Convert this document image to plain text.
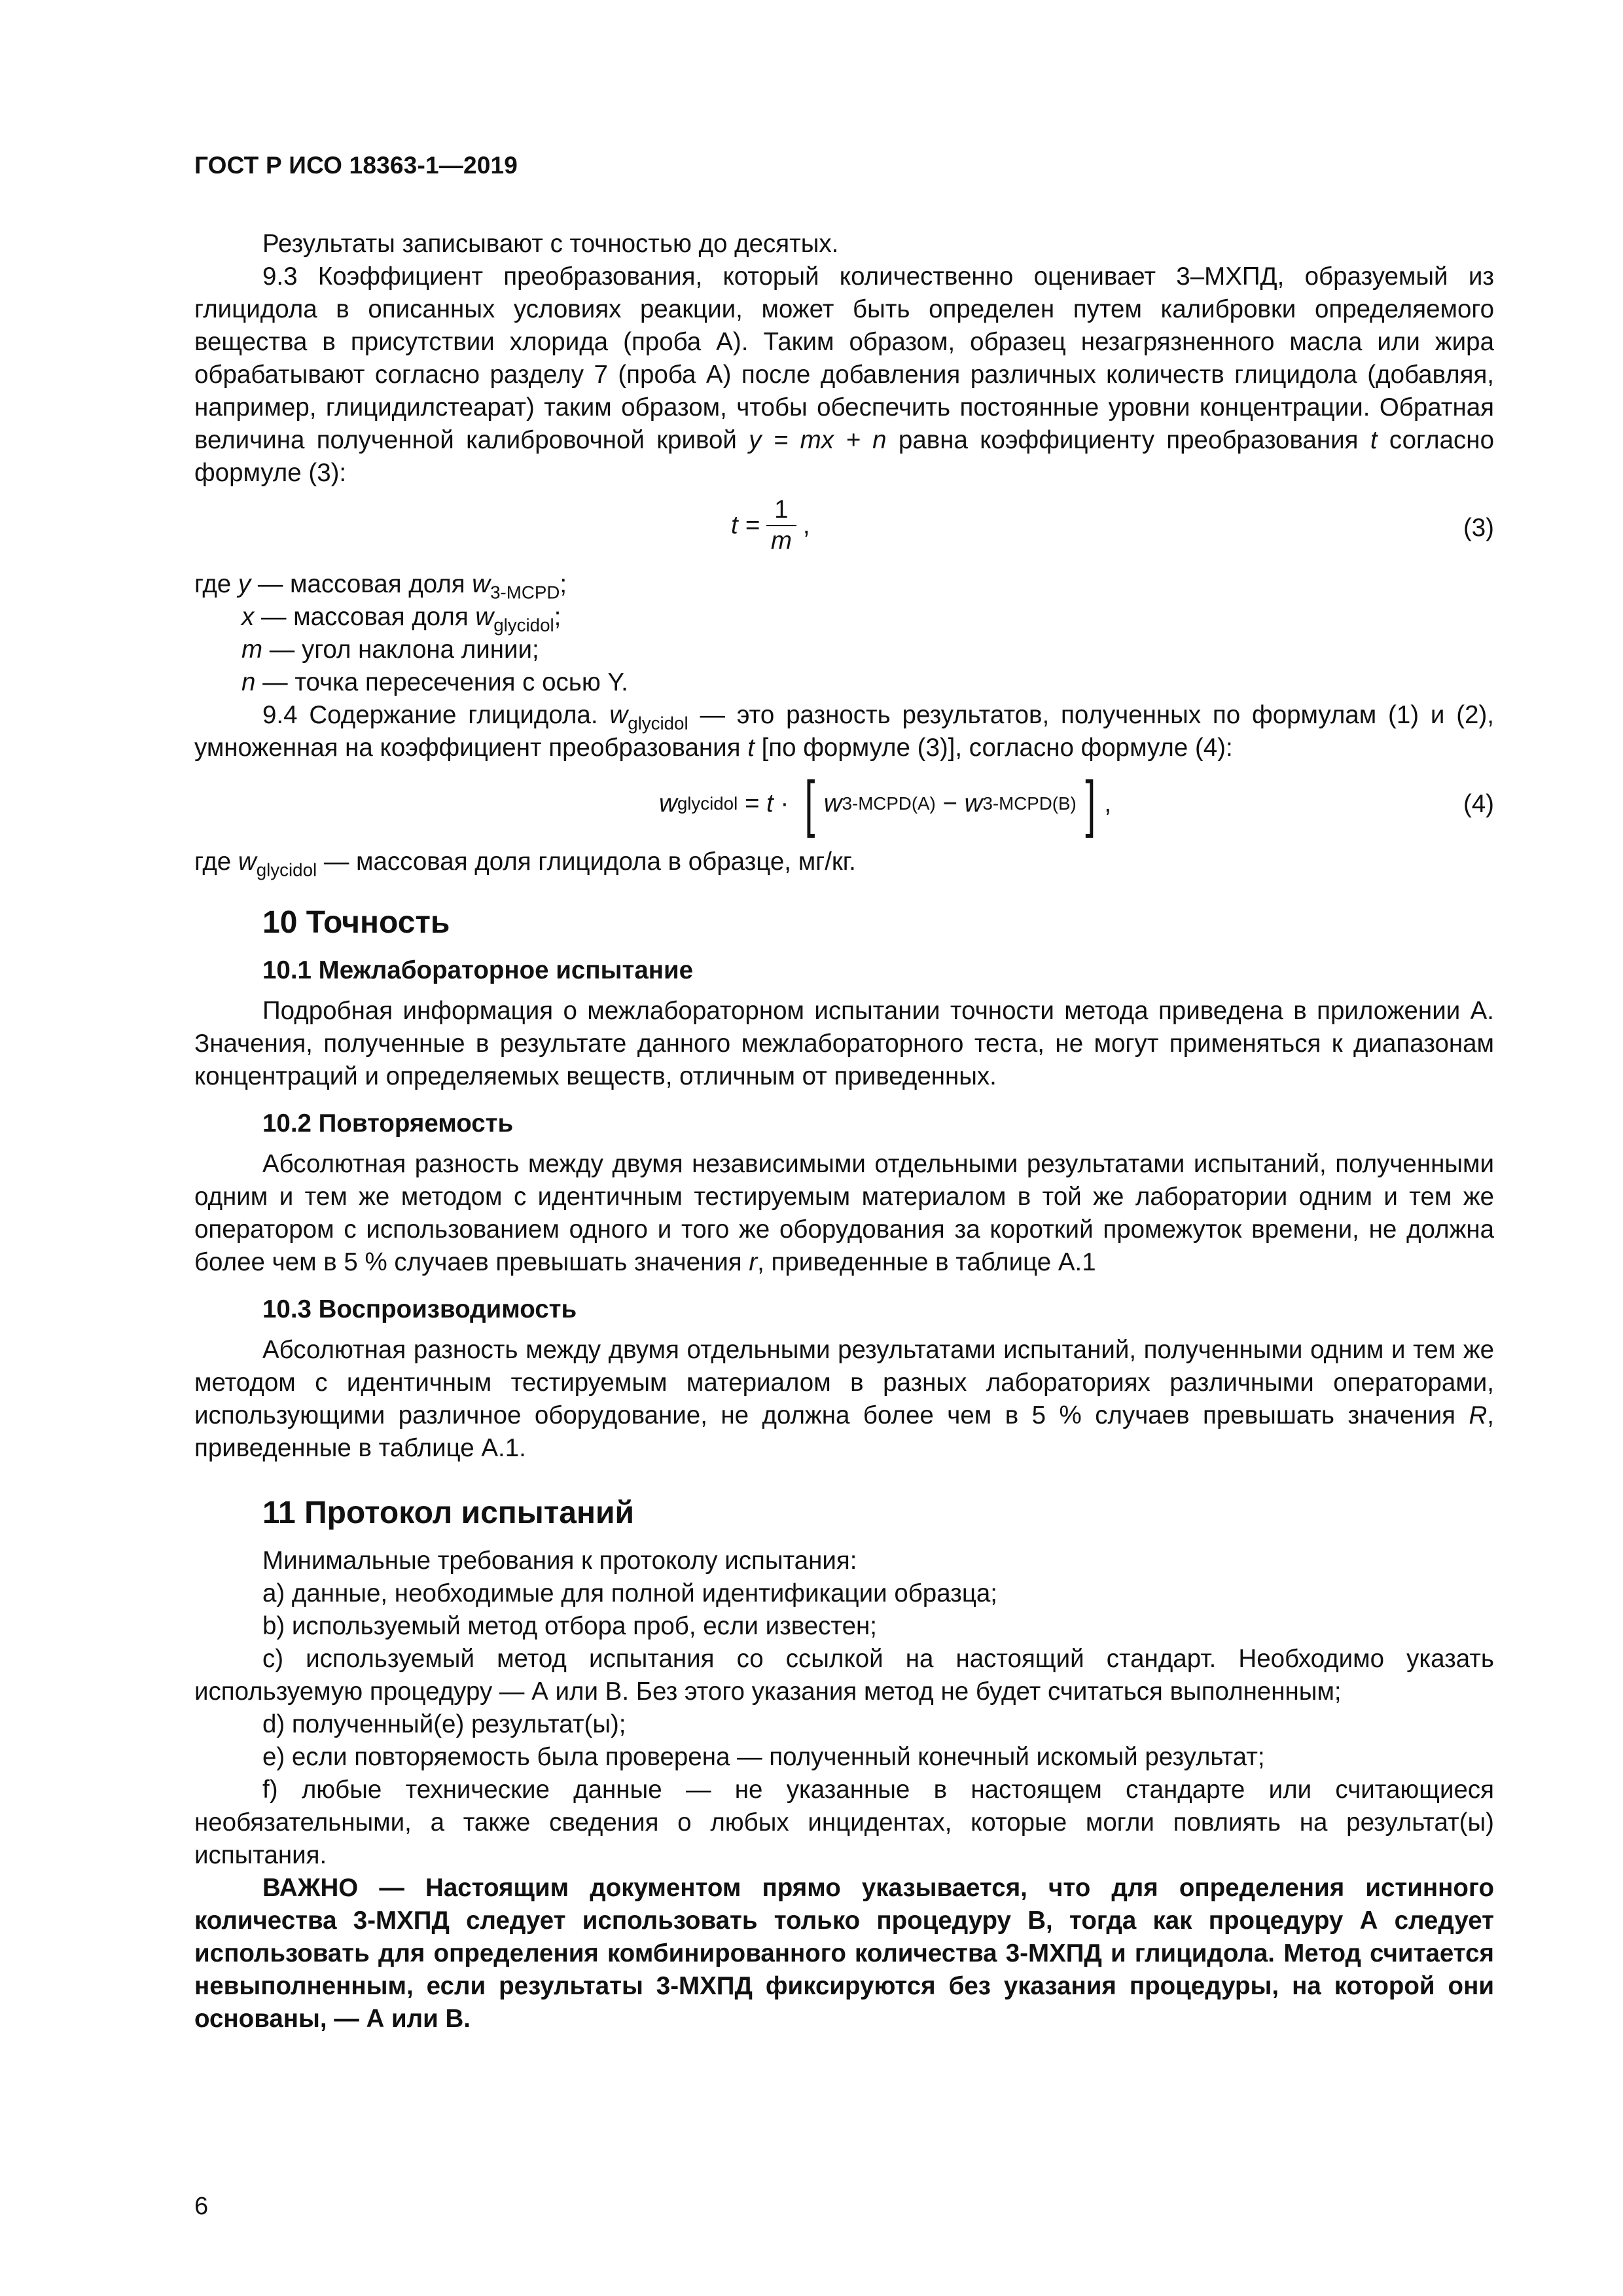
ГОСТ Р ИСО 18363-1—2019

Результаты записывают с точностью до десятых.

9.3 Коэффициент преобразования, который количественно оценивает 3–МХПД, образуемый из глицидола в описанных условиях реакции, может быть определен путем калибровки определяемого вещества в присутствии хлорида (проба А). Таким образом, образец незагрязненного масла или жира обрабатывают согласно разделу 7 (проба А) после добавления различных количеств глицидола (добавляя, например, глицидилстеарат) таким образом, чтобы обеспечить постоянные уровни концентрации. Обратная величина полученной калибровочной кривой y = mx + n равна коэффициенту преобразования t согласно формуле (3):

$t = \frac{1}{m}$ ,	(3)

где y — массовая доля $w_{3-MCPD}$;

x — массовая доля $w_{glycidol}$;

m — угол наклона линии;

n — точка пересечения с осью Y.

9.4 Содержание глицидола. $w_{glycidol}$ — это разность результатов, полученных по формулам (1) и (2), умноженная на коэффициент преобразования t [по формуле (3)], согласно формуле (4):

w glycidol = t · [ w 3-MCPD(A) − w 3-MCPD(B) ] ,	(4)

где $w_{glycidol}$ — массовая доля глицидола в образце, мг/кг.

10 Точность
10.1 Межлабораторное испытание

Подробная информация о межлабораторном испытании точности метода приведена в приложении А. Значения, полученные в результате данного межлабораторного теста, не могут применяться к диапазонам концентраций и определяемых веществ, отличным от приведенных.

10.2 Повторяемость

Абсолютная разность между двумя независимыми отдельными результатами испытаний, полученными одним и тем же методом с идентичным тестируемым материалом в той же лаборатории одним и тем же оператором с использованием одного и того же оборудования за короткий промежуток времени, не должна более чем в 5 % случаев превышать значения r, приведенные в таблице А.1

10.3 Воспроизводимость

Абсолютная разность между двумя отдельными результатами испытаний, полученными одним и тем же методом с идентичным тестируемым материалом в разных лабораториях различными операторами, использующими различное оборудование, не должна более чем в 5 % случаев превышать значения R, приведенные в таблице А.1.

11 Протокол испытаний

Минимальные требования к протоколу испытания:

a) данные, необходимые для полной идентификации образца;

b) используемый метод отбора проб, если известен;

c) используемый метод испытания со ссылкой на настоящий стандарт. Необходимо указать используемую процедуру — А или В. Без этого указания метод не будет считаться выполненным;

d) полученный(е) результат(ы);

e) если повторяемость была проверена — полученный конечный искомый результат;

f) любые технические данные — не указанные в настоящем стандарте или считающиеся необязательными, а также сведения о любых инцидентах, которые могли повлиять на результат(ы) испытания.

ВАЖНО — Настоящим документом прямо указывается, что для определения истинного количества 3-МХПД следует использовать только процедуру В, тогда как процедуру А следует использовать для определения комбинированного количества 3-МХПД и глицидола. Метод считается невыполненным, если результаты 3-МХПД фиксируются без указания процедуры, на которой они основаны, — А или В.

6
